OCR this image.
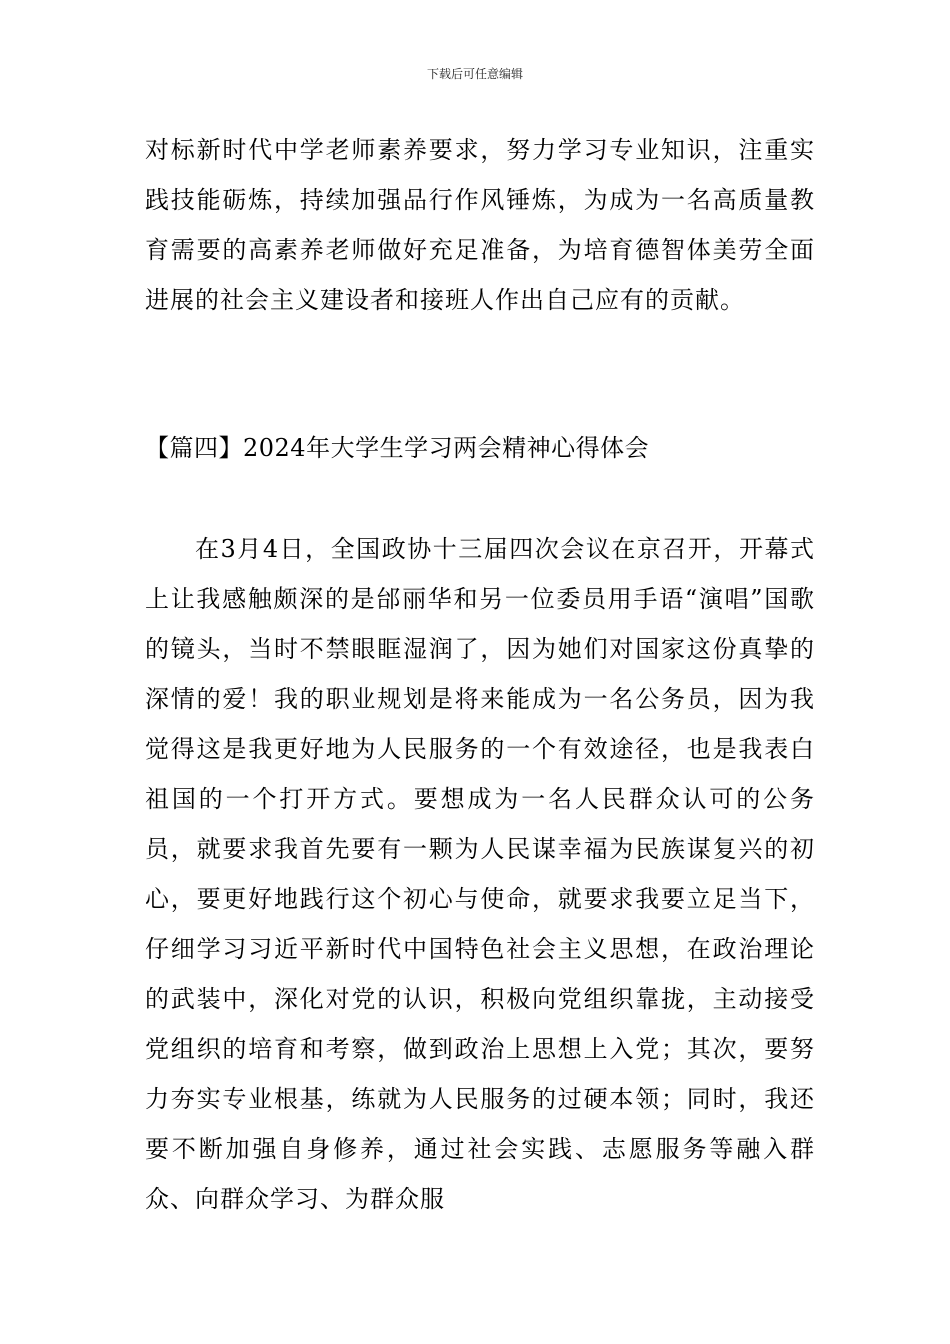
下载后可任意编辑

对标新时代中学老师素养要求，努力学习专业知识，注重实践技能砺炼，持续加强品行作风锤炼，为成为一名高质量教育需要的高素养老师做好充足准备，为培育德智体美劳全面进展的社会主义建设者和接班人作出自己应有的贡献。

【篇四】2024年大学生学习两会精神心得体会

在3月4日，全国政协十三届四次会议在京召开，开幕式上让我感触颇深的是邰丽华和另一位委员用手语“演唱”国歌的镜头，当时不禁眼眶湿润了，因为她们对国家这份真挚的深情的爱！我的职业规划是将来能成为一名公务员，因为我觉得这是我更好地为人民服务的一个有效途径，也是我表白祖国的一个打开方式。要想成为一名人民群众认可的公务员，就要求我首先要有一颗为人民谋幸福为民族谋复兴的初心，要更好地践行这个初心与使命，就要求我要立足当下，仔细学习习近平新时代中国特色社会主义思想，在政治理论的武装中，深化对党的认识，积极向党组织靠拢，主动接受党组织的培育和考察，做到政治上思想上入党；其次，要努力夯实专业根基，练就为人民服务的过硬本领；同时，我还要不断加强自身修养，通过社会实践、志愿服务等融入群众、向群众学习、为群众服
